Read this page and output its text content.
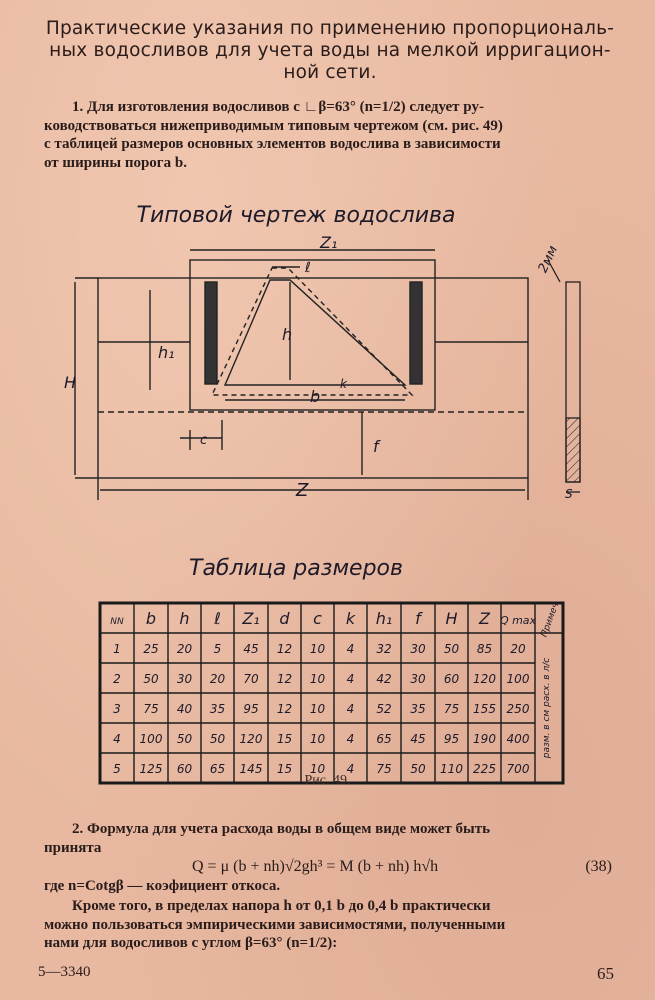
Практические указания по применению пропорциональ-
ных водосливов для учета воды на мелкой ирригацион-
ной сети.
1. Для изготовления водосливов с ∟β=63° (n=1/2) следует ру-
ководствоваться нижеприводимым типовым чертежом (см. рис. 49)
с таблицей размеров основных элементов водослива в зависимости
от ширины порога b.
Типовой чертеж водослива
H
h₁
h
ℓ
Z₁
b
k
c	f
Z
2мм
S
Таблица размеров
NN b h ℓ Z₁ d c k h₁ f H Z Q max Примеч.
1 25 20 5 45 12 10 4 32 30 50 85 20
2 50 30 20 70 12 10 4 42 30 60 120 100
3 75 40 35 95 12 10 4 52 35 75 155 250
4 100 50 50 120 15 10 4 65 45 95 190 400
5 125 60 65 145 15 10 4 75 50 110 225 700
разм. в см расх. в л/с
Рис. 49.
2. Формула для учета расхода воды в общем виде может быть
принята
Q = μ (b + nh)√2gh³ = M (b + nh) h√h	(38)
где n=Cotgβ — коэфициент откоса.
Кроме того, в пределах напора h от 0,1 b до 0,4 b практически
можно пользоваться эмпирическими зависимостями, полученными
нами для водосливов с углом β=63° (n=1/2):
5—3340	65
